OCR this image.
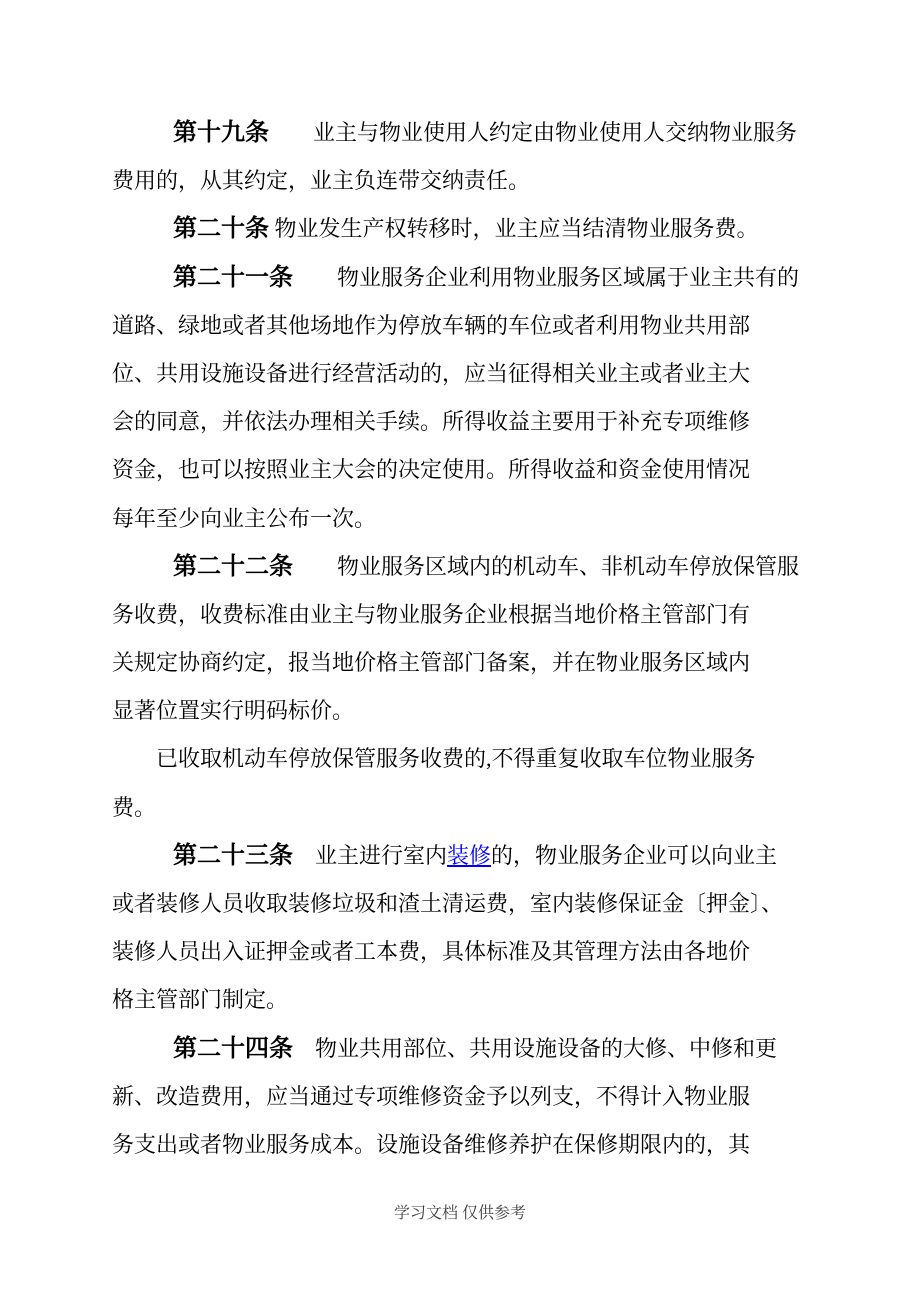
第十九条　　业主与物业使用人约定由物业使用人交纳物业服务
费用的，从其约定，业主负连带交纳责任。
第二十条 物业发生产权转移时，业主应当结清物业服务费。
第二十一条　　物业服务企业利用物业服务区域属于业主共有的
道路、绿地或者其他场地作为停放车辆的车位或者利用物业共用部
位、共用设施设备进行经营活动的，应当征得相关业主或者业主大
会的同意，并依法办理相关手续。所得收益主要用于补充专项维修
资金，也可以按照业主大会的决定使用。所得收益和资金使用情况
每年至少向业主公布一次。
第二十二条　　物业服务区域内的机动车、非机动车停放保管服
务收费，收费标准由业主与物业服务企业根据当地价格主管部门有
关规定协商约定，报当地价格主管部门备案，并在物业服务区域内
显著位置实行明码标价。
已收取机动车停放保管服务收费的,不得重复收取车位物业服务
费。
第二十三条　业主进行室内装修的，物业服务企业可以向业主
或者装修人员收取装修垃圾和渣土清运费，室内装修保证金〔押金〕、
装修人员出入证押金或者工本费，具体标准及其管理方法由各地价
格主管部门制定。
第二十四条　物业共用部位、共用设施设备的大修、中修和更
新、改造费用，应当通过专项维修资金予以列支，不得计入物业服
务支出或者物业服务成本。设施设备维修养护在保修期限内的，其
学习文档 仅供参考
